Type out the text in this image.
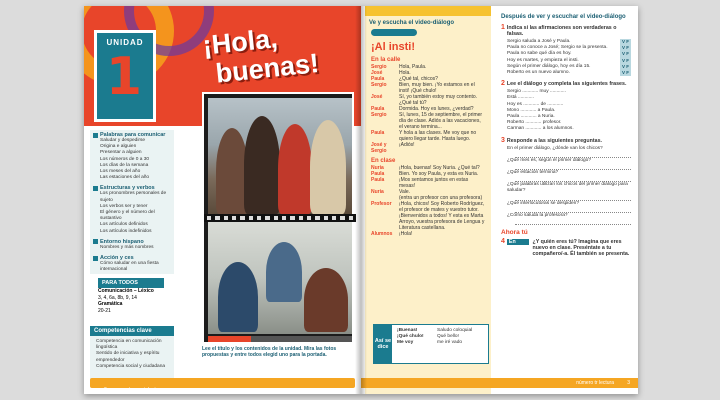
UNIDAD
1
¡Hola,
buenas!
Palabras para comunicar
Saludar y despedirse
Origina e alguien
Presentar a alguien
Los números de 0 a 30
Los días de la semana
Los meses del año
Las estaciones del año
Estructuras y verbos
Los pronombres personales de sujeto
Los verbos ser y tener
El género y el número del sustantivo
Los artículos definidos
Los artículos indefinidos
Entorno hispano
Nombres y más nombres
Acción y ces
Cómo saludar en una fiesta internacional
PARA TODOS
Comunicación – Léxico
3, 4, 6a, 8b, 9, 14
Gramática
20-21
Competencias clave
Competencia en comunicación lingüística
Sentido de iniciativa y espíritu emprendedor
Competencia social y ciudadana
Lee el título y los contenidos de la unidad. Mira las fotos propuestas y entre todos elegid uno para la portada.
2	número tr lectura
Ve y escucha el video-diálogo
¡Al insti!
En la calle
Sergio	Hola, Paula.
José	Hola.
Paula	¿Qué tal, chicos?
Sergio	Bien, muy bien. ¡Yo estamos en el insti! ¡Qué chulo!
José	Sí, yo también estoy muy contento. ¿Qué tal tú?
Paula	Dormida. Hoy es lunes, ¿verdad?
Sergio	Sí, lunes, 15 de septiembre, el primer día de clase. Adiós a las vacaciones, el verano termina...
Paula	Y hola a las clases. Me voy que no quiero llegar tarde. Hasta luego.
José y Sergio
¡Adiós!
En clase
Nuria	¡Hola, buenas! Soy Nuria. ¿Qué tal?
Paula	Bien. Yo soy Paula, y esta es Nuria.
Paula	¡Mos sentamos juntos en estas mesas!
Nuria	Vale.
(entra un profesor con una profesora)
Profesor	¡Hola, chicos! Soy Roberto Rodríguez, el profesor de mates y vuestro tutor. ¡Bienvenidos a todos! Y esta es Marta Arroyo, vuestra profesora de Lengua y Literatura castellana.
Alumnos	¡Hola!
Así se dice
¡Buenas!	Saludo coloquial
¡Qué chulo!	Qué bello!
Me voy	me iré vado
Después de ver y escuchar el video-diálogo
1 Indica si las afirmaciones son verdaderas o falsas.
Sergio saluda a José y Paula.	V F
Paula no conoce a José; Sergio se la presenta.	V F
Paula no sabe qué día es hoy.	V F
Hoy es martes, y empieza el insti.	V F
Según el primer diálogo, hoy es día 15.	V F
Roberto es un nuevo alumno.	V F
2 Lee el diálogo y completa las siguientes frases.
Sergio ............ muy ............
Está ............
Hoy es ............ de ............
Mono ............ a Paula.
Paula ............ a Nuria.
Roberto ............ profesor.
Carman ............ a los alumnos.
3 Responde a las siguientes preguntas.
En el primer diálogo, ¿dónde van los chicos?
¿Qué mes es, según el primer diálogo?
¿Qué estación termina?
¿Qué palabras utilizan los chicos del primer diálogo para saludar?
¿Qué interlocutoras se despiden?
¿Cómo saluda la profesora?
Ahora tú
4 En parejas
¿Y quién eres tú? Imagina que eres nuevo en clase. Preséntate a tu compañero/-a. Él también se presenta.
número tr lectura	3
